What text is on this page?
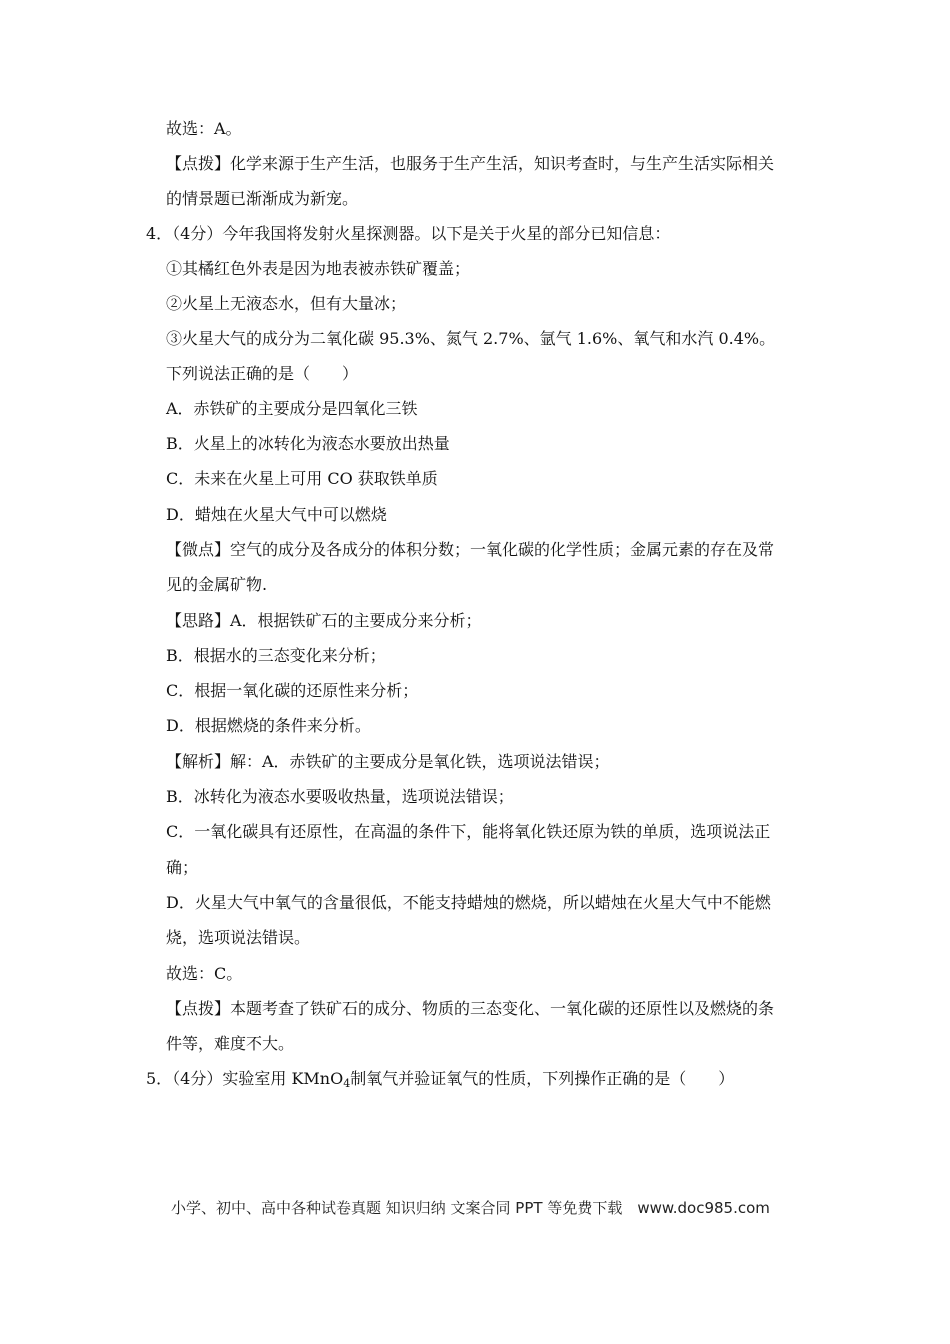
故选：A。
【点拨】化学来源于生产生活，也服务于生产生活，知识考查时，与生产生活实际相关
的情景题已渐渐成为新宠。
4．（4分）今年我国将发射火星探测器。以下是关于火星的部分已知信息：
①其橘红色外表是因为地表被赤铁矿覆盖；
②火星上无液态水，但有大量冰；
③火星大气的成分为二氧化碳 95.3%、氮气 2.7%、氩气 1.6%、氧气和水汽 0.4%。
下列说法正确的是（　　）
A．赤铁矿的主要成分是四氧化三铁
B．火星上的冰转化为液态水要放出热量
C．未来在火星上可用 CO 获取铁单质
D．蜡烛在火星大气中可以燃烧
【微点】空气的成分及各成分的体积分数；一氧化碳的化学性质；金属元素的存在及常
见的金属矿物.
【思路】A．根据铁矿石的主要成分来分析；
B．根据水的三态变化来分析；
C．根据一氧化碳的还原性来分析；
D．根据燃烧的条件来分析。
【解析】解：A．赤铁矿的主要成分是氧化铁，选项说法错误；
B．冰转化为液态水要吸收热量，选项说法错误；
C．一氧化碳具有还原性，在高温的条件下，能将氧化铁还原为铁的单质，选项说法正
确；
D．火星大气中氧气的含量很低，不能支持蜡烛的燃烧，所以蜡烛在火星大气中不能燃
烧，选项说法错误。
故选：C。
【点拨】本题考查了铁矿石的成分、物质的三态变化、一氧化碳的还原性以及燃烧的条
件等，难度不大。
5．（4分）实验室用 KMnO$_4$制氧气并验证氧气的性质，下列操作正确的是（　　）
小学、初中、高中各种试卷真题 知识归纳 文案合同 PPT 等免费下载　www.doc985.com
